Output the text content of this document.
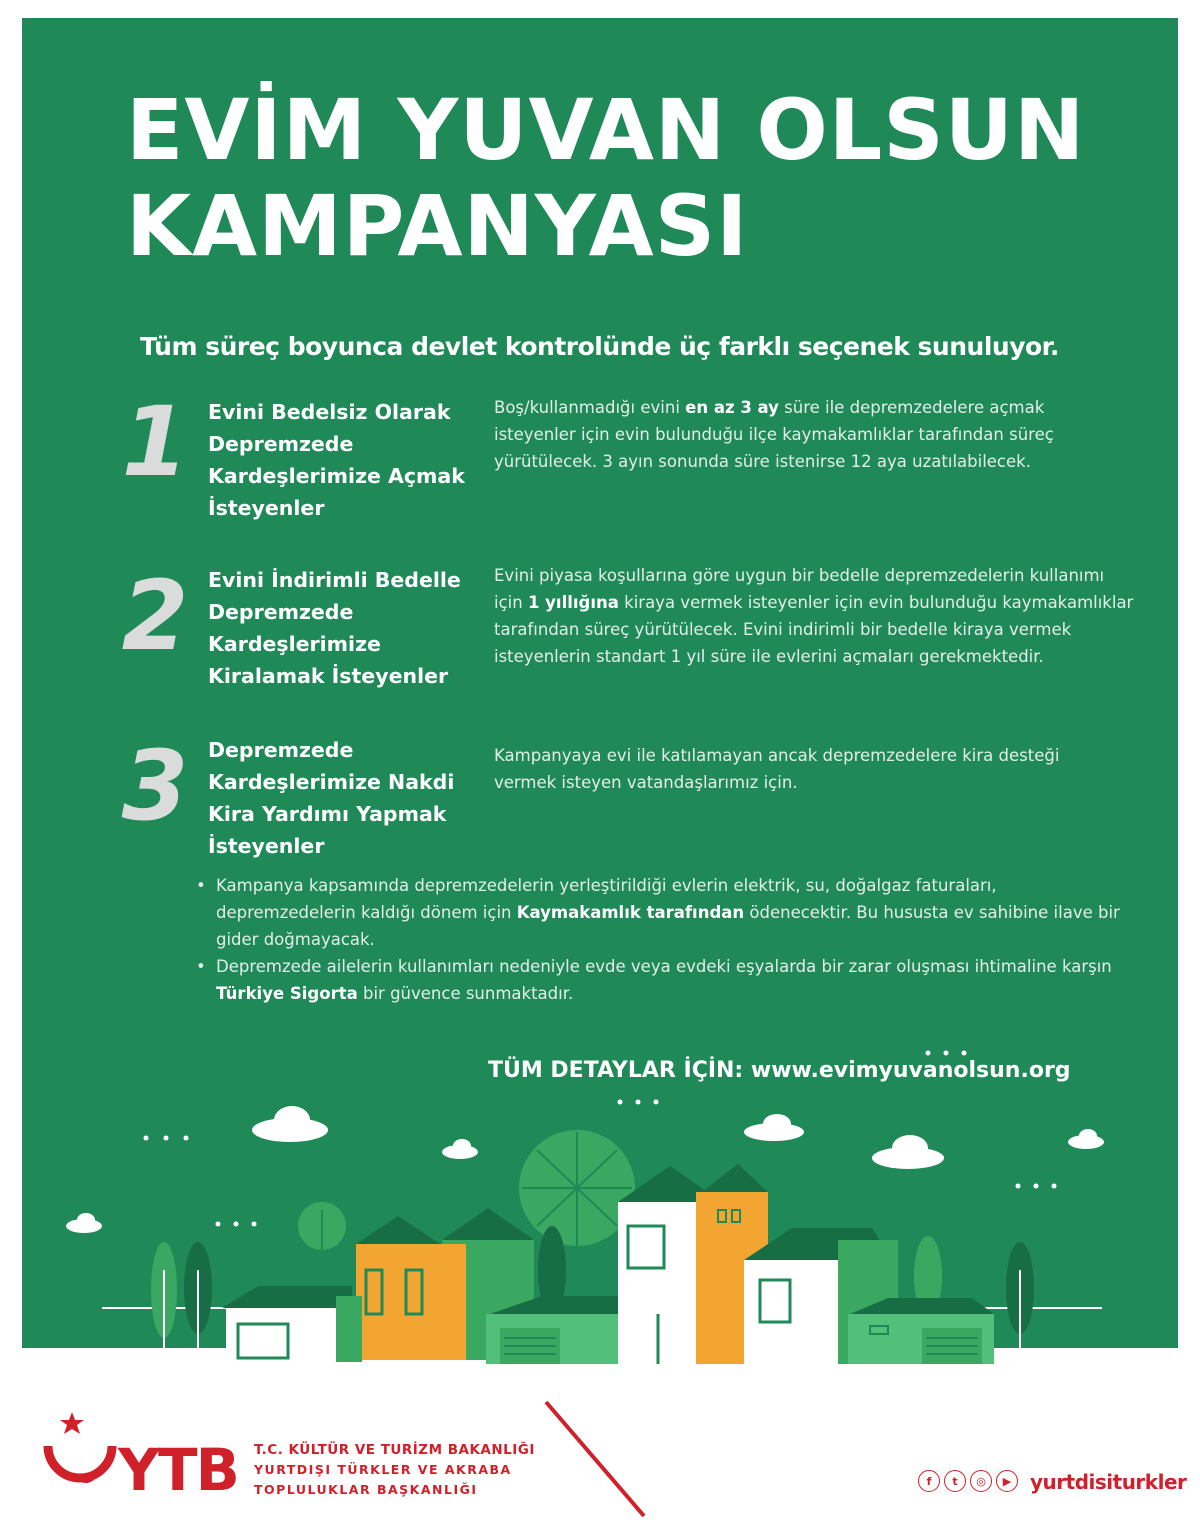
EVİM YUVAN OLSUN
KAMPANYASI
Tüm süreç boyunca devlet kontrolünde üç farklı seçenek sunuluyor.
1 Evini Bedelsiz Olarak
Depremzede
Kardeşlerimize Açmak
İsteyenler
Boş/kullanmadığı evini en az 3 ay süre ile depremzedelere açmak isteyenler için evin bulunduğu ilçe kaymakamlıklar tarafından süreç yürütülecek. 3 ayın sonunda süre istenirse 12 aya uzatılabilecek.
2 Evini İndirimli Bedelle
Depremzede
Kardeşlerimize
Kiralamak İsteyenler
Evini piyasa koşullarına göre uygun bir bedelle depremzedelerin kullanımı için 1 yıllığına kiraya vermek isteyenler için evin bulunduğu kaymakamlıklar tarafından süreç yürütülecek. Evini indirimli bir bedelle kiraya vermek isteyenlerin standart 1 yıl süre ile evlerini açmaları gerekmektedir.
3 Depremzede
Kardeşlerimize Nakdi
Kira Yardımı Yapmak
İsteyenler
Kampanyaya evi ile katılamayan ancak depremzedelere kira desteği vermek isteyen vatandaşlarımız için.
• Kampanya kapsamında depremzedelerin yerleştirildiği evlerin elektrik, su, doğalgaz faturaları, depremzedelerin kaldığı dönem için Kaymakamlık tarafından ödenecektir. Bu hususta ev sahibine ilave bir gider doğmayacak.
• Depremzede ailelerin kullanımları nedeniyle evde veya evdeki eşyalarda bir zarar oluşması ihtimaline karşın Türkiye Sigorta bir güvence sunmaktadır.
TÜM DETAYLAR İÇİN: www.evimyuvanolsun.org
YTB T.C. KÜLTÜR VE TURİZM BAKANLIĞI
YURTDIŞI TÜRKLER VE AKRABA
TOPLULUKLAR BAŞKANLIĞI
f	t	◎	▶ yurtdisiturkler
